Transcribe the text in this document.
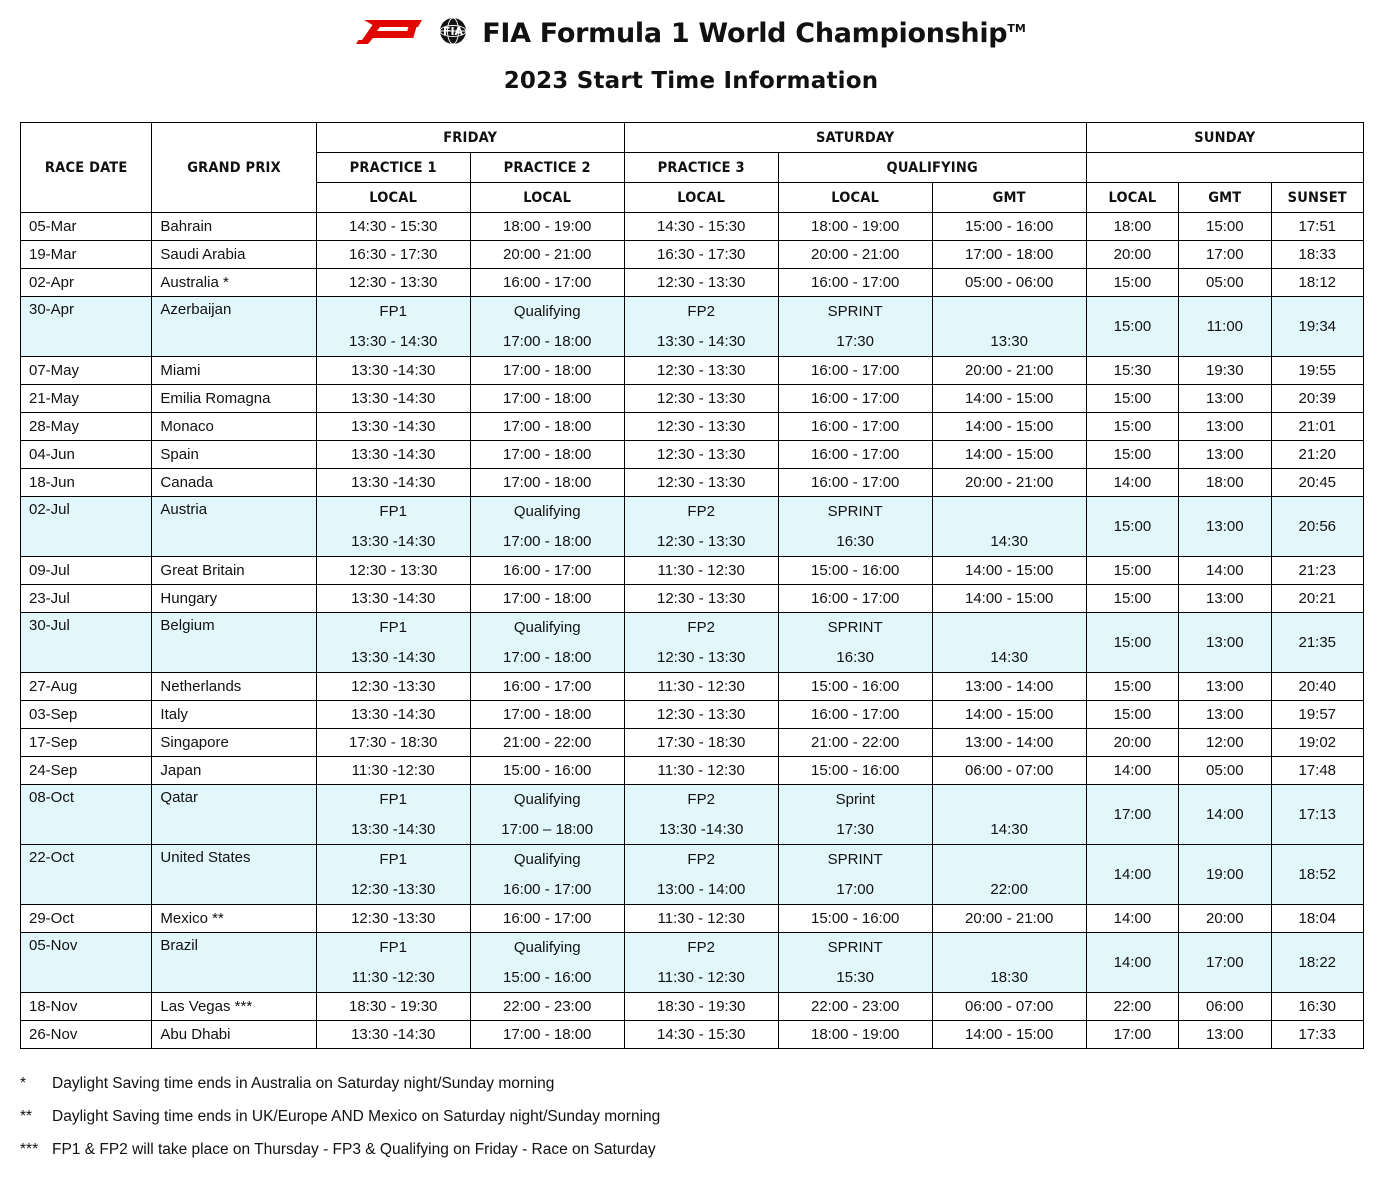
FIA FIA Formula 1 World Championship™
2023 Start Time Information
RACE DATE	GRAND PRIX	FRIDAY		SATURDAY			SUNDAY		
		PRACTICE 1	PRACTICE 2	PRACTICE 3	QUALIFYING				
		LOCAL	LOCAL	LOCAL	LOCAL	GMT	LOCAL	GMT	SUNSET
05-Mar	Bahrain	14:30 - 15:30	18:00 - 19:00	14:30 - 15:30	18:00 - 19:00	15:00 - 16:00	18:00	15:00	17:51
19-Mar	Saudi Arabia	16:30 - 17:30	20:00 - 21:00	16:30 - 17:30	20:00 - 21:00	17:00 - 18:00	20:00	17:00	18:33
02-Apr	Australia *	12:30 - 13:30	16:00 - 17:00	12:30 - 13:30	16:00 - 17:00	05:00 - 06:00	15:00	05:00	18:12
30-Apr	Azerbaijan	FP1	Qualifying	FP2	SPRINT		15:00	11:00	19:34
		13:30 - 14:30	17:00 - 18:00	13:30 - 14:30	17:30	13:30			
07-May	Miami	13:30 -14:30	17:00 - 18:00	12:30 - 13:30	16:00 - 17:00	20:00 - 21:00	15:30	19:30	19:55
21-May	Emilia Romagna	13:30 -14:30	17:00 - 18:00	12:30 - 13:30	16:00 - 17:00	14:00 - 15:00	15:00	13:00	20:39
28-May	Monaco	13:30 -14:30	17:00 - 18:00	12:30 - 13:30	16:00 - 17:00	14:00 - 15:00	15:00	13:00	21:01
04-Jun	Spain	13:30 -14:30	17:00 - 18:00	12:30 - 13:30	16:00 - 17:00	14:00 - 15:00	15:00	13:00	21:20
18-Jun	Canada	13:30 -14:30	17:00 - 18:00	12:30 - 13:30	16:00 - 17:00	20:00 - 21:00	14:00	18:00	20:45
02-Jul	Austria	FP1	Qualifying	FP2	SPRINT		15:00	13:00	20:56
		13:30 -14:30	17:00 - 18:00	12:30 - 13:30	16:30	14:30			
09-Jul	Great Britain	12:30 - 13:30	16:00 - 17:00	11:30 - 12:30	15:00 - 16:00	14:00 - 15:00	15:00	14:00	21:23
23-Jul	Hungary	13:30 -14:30	17:00 - 18:00	12:30 - 13:30	16:00 - 17:00	14:00 - 15:00	15:00	13:00	20:21
30-Jul	Belgium	FP1	Qualifying	FP2	SPRINT		15:00	13:00	21:35
		13:30 -14:30	17:00 - 18:00	12:30 - 13:30	16:30	14:30			
27-Aug	Netherlands	12:30 -13:30	16:00 - 17:00	11:30 - 12:30	15:00 - 16:00	13:00 - 14:00	15:00	13:00	20:40
03-Sep	Italy	13:30 -14:30	17:00 - 18:00	12:30 - 13:30	16:00 - 17:00	14:00 - 15:00	15:00	13:00	19:57
17-Sep	Singapore	17:30 - 18:30	21:00 - 22:00	17:30 - 18:30	21:00 - 22:00	13:00 - 14:00	20:00	12:00	19:02
24-Sep	Japan	11:30 -12:30	15:00 - 16:00	11:30 - 12:30	15:00 - 16:00	06:00 - 07:00	14:00	05:00	17:48
08-Oct	Qatar	FP1	Qualifying	FP2	Sprint		17:00	14:00	17:13
		13:30 -14:30	17:00 – 18:00	13:30 -14:30	17:30	14:30			
22-Oct	United States	FP1	Qualifying	FP2	SPRINT		14:00	19:00	18:52
		12:30 -13:30	16:00 - 17:00	13:00 - 14:00	17:00	22:00			
29-Oct	Mexico **	12:30 -13:30	16:00 - 17:00	11:30 - 12:30	15:00 - 16:00	20:00 - 21:00	14:00	20:00	18:04
05-Nov	Brazil	FP1	Qualifying	FP2	SPRINT		14:00	17:00	18:22
		11:30 -12:30	15:00 - 16:00	11:30 - 12:30	15:30	18:30			
18-Nov	Las Vegas ***	18:30 - 19:30	22:00 - 23:00	18:30 - 19:30	22:00 - 23:00	06:00 - 07:00	22:00	06:00	16:30
26-Nov	Abu Dhabi	13:30 -14:30	17:00 - 18:00	14:30 - 15:30	18:00 - 19:00	14:00 - 15:00	17:00	13:00	17:33
*	Daylight Saving time ends in Australia on Saturday night/Sunday morning
**	Daylight Saving time ends in UK/Europe AND Mexico on Saturday night/Sunday morning
*** FP1 & FP2 will take place on Thursday - FP3 & Qualifying on Friday - Race on Saturday
